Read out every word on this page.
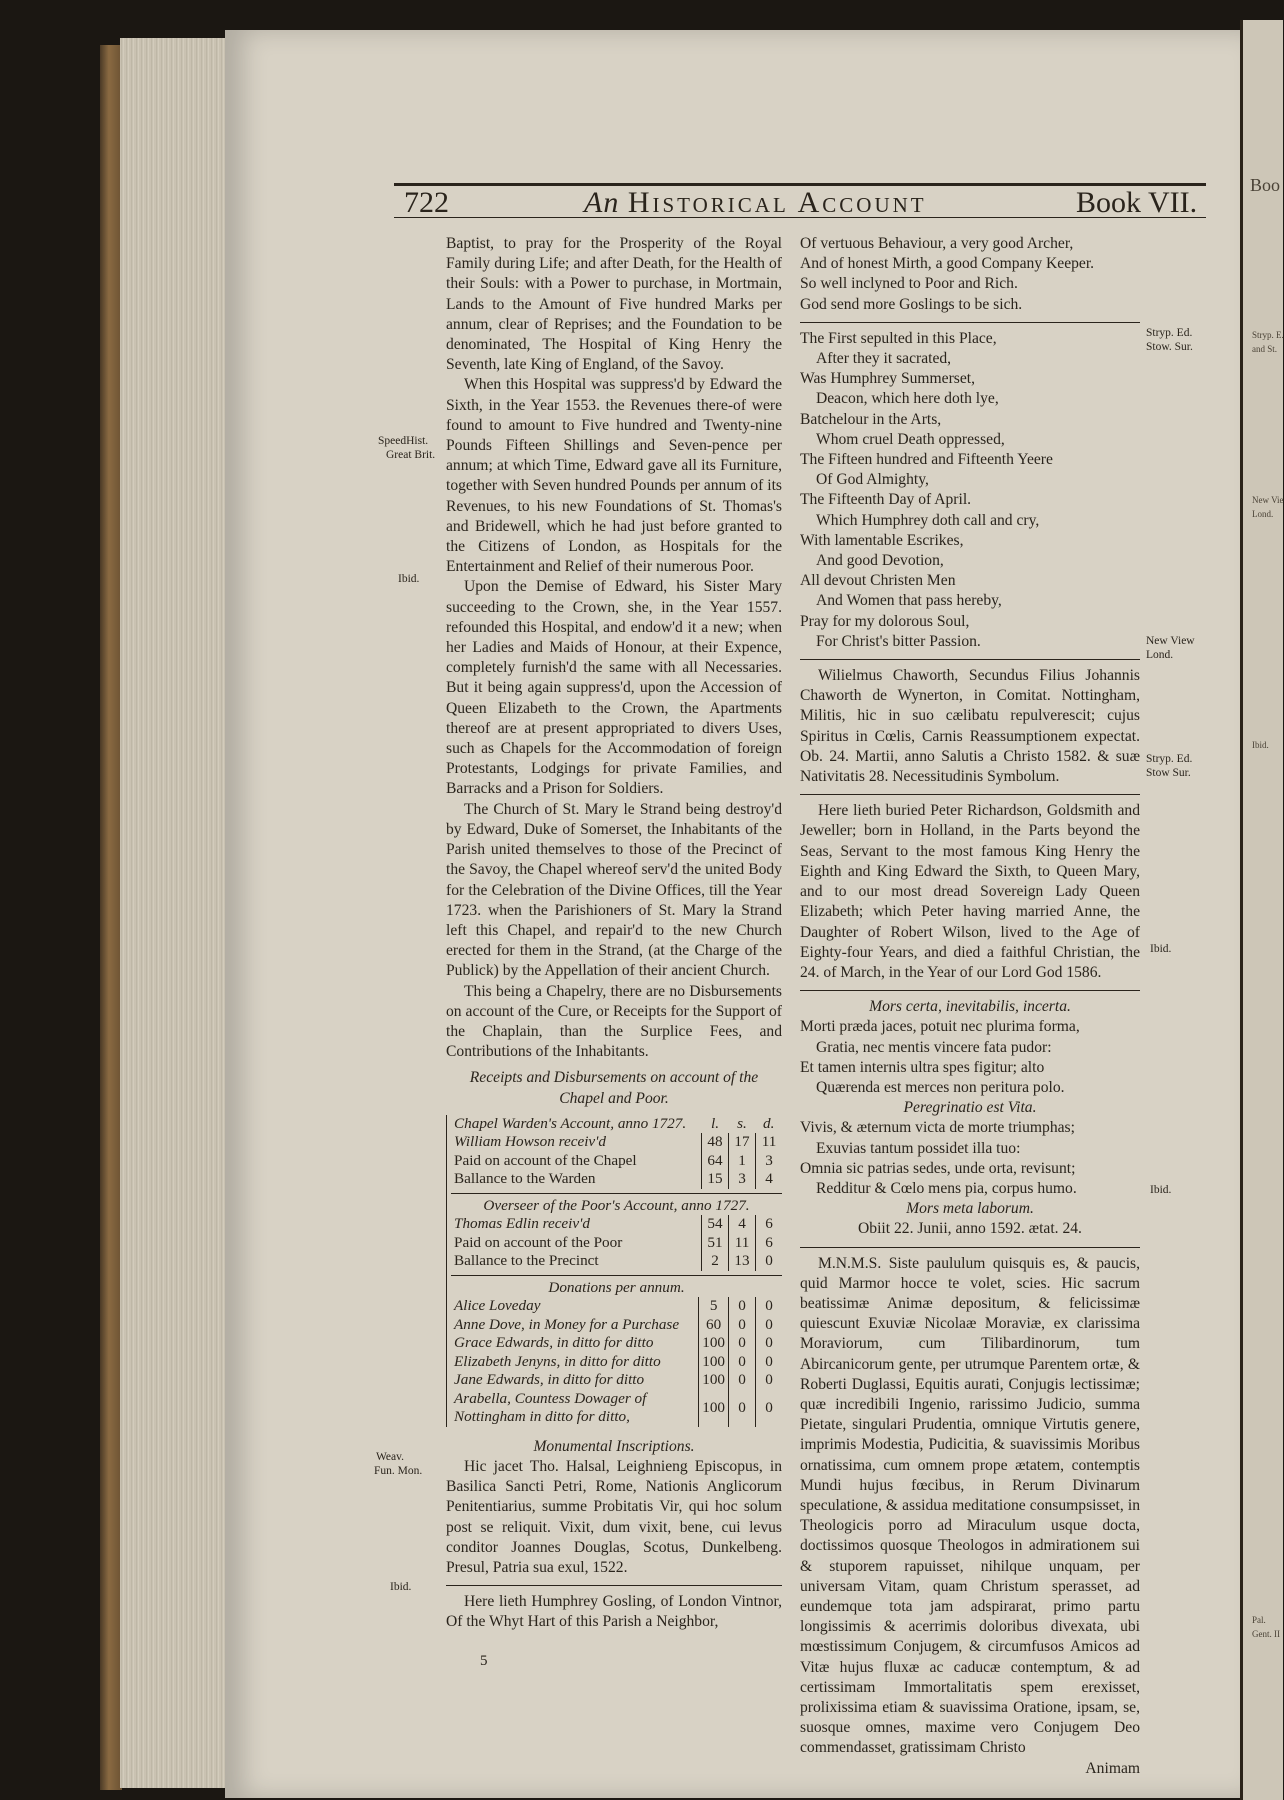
Boo
Stryp. E.
and St.
New Vie
Lond.
Ibid.
Pal.
Gent. II
722	An Historical Account	Book VII.
SpeedHist.
Great Brit.
Ibid.
Weav.
Fun. Mon.
Ibid.
Stryp. Ed.
Stow. Sur.
New View
Lond.
Stryp. Ed.
Stow Sur.
Ibid.
Ibid.

Baptist, to pray for the Prosperity of the Royal Family during Life; and after Death, for the Health of their Souls: with a Power to purchase, in Mortmain, Lands to the Amount of Five hundred Marks per annum, clear of Reprises; and the Foundation to be denominated, The Hospital of King Henry the Seventh, late King of England, of the Savoy.

When this Hospital was suppress'd by Edward the Sixth, in the Year 1553. the Revenues there-of were found to amount to Five hundred and Twenty-nine Pounds Fifteen Shillings and Seven-pence per annum; at which Time, Edward gave all its Furniture, together with Seven hundred Pounds per annum of its Revenues, to his new Foundations of St. Thomas's and Bridewell, which he had just before granted to the Citizens of London, as Hospitals for the Entertainment and Relief of their numerous Poor.

Upon the Demise of Edward, his Sister Mary succeeding to the Crown, she, in the Year 1557. refounded this Hospital, and endow'd it a new; when her Ladies and Maids of Honour, at their Expence, completely furnish'd the same with all Necessaries. But it being again suppress'd, upon the Accession of Queen Elizabeth to the Crown, the Apartments thereof are at present appropriated to divers Uses, such as Chapels for the Accommodation of foreign Protestants, Lodgings for private Families, and Barracks and a Prison for Soldiers.

The Church of St. Mary le Strand being destroy'd by Edward, Duke of Somerset, the Inhabitants of the Parish united themselves to those of the Precinct of the Savoy, the Chapel whereof serv'd the united Body for the Celebration of the Divine Offices, till the Year 1723. when the Parishioners of St. Mary la Strand left this Chapel, and repair'd to the new Church erected for them in the Strand, (at the Charge of the Publick) by the Appellation of their ancient Church.

This being a Chapelry, there are no Disbursements on account of the Cure, or Receipts for the Support of the Chaplain, than the Surplice Fees, and Contributions of the Inhabitants.

Receipts and Disbursements on account of the Chapel and Poor.

Chapel Warden's Account, anno 1727.	l.	s.	d.
William Howson receiv'd	48	17	11
Paid on account of the Chapel	64	1	3
Ballance to the Warden	15	3	4
Overseer of the Poor's Account, anno 1727.			
Thomas Edlin receiv'd	54	4	6
Paid on account of the Poor	51	11	6
Ballance to the Precinct	2	13	0
Donations per annum.			
Alice Loveday	5	0	0
Anne Dove, in Money for a Purchase	60	0	0
Grace Edwards, in ditto for ditto	100	0	0
Elizabeth Jenyns, in ditto for ditto	100	0	0
Jane Edwards, in ditto for ditto	100	0	0
Arabella, Countess Dowager of Nottingham in ditto for ditto,	100	0	0

Monumental Inscriptions.

Hic jacet Tho. Halsal, Leighnieng Episcopus, in Basilica Sancti Petri, Rome, Nationis Anglicorum Penitentiarius, summe Probitatis Vir, qui hoc solum post se reliquit. Vixit, dum vixit, bene, cui levus conditor Joannes Douglas, Scotus, Dunkelbeng. Presul, Patria sua exul, 1522.

Here lieth Humphrey Gosling, of London Vintnor, Of the Whyt Hart of this Parish a Neighbor,

5

Of vertuous Behaviour, a very good Archer,

And of honest Mirth, a good Company Keeper.

So well inclyned to Poor and Rich.

God send more Goslings to be sich.

The First sepulted in this Place,

After they it sacrated,

Was Humphrey Summerset,

Deacon, which here doth lye,

Batchelour in the Arts,

Whom cruel Death oppressed,

The Fifteen hundred and Fifteenth Yeere

Of God Almighty,

The Fifteenth Day of April.

Which Humphrey doth call and cry,

With lamentable Escrikes,

And good Devotion,

All devout Christen Men

And Women that pass hereby,

Pray for my dolorous Soul,

For Christ's bitter Passion.

Wilielmus Chaworth, Secundus Filius Johannis Chaworth de Wynerton, in Comitat. Nottingham, Militis, hic in suo cælibatu repulverescit; cujus Spiritus in Cœlis, Carnis Reassumptionem expectat. Ob. 24. Martii, anno Salutis a Christo 1582. & suæ Nativitatis 28. Necessitudinis Symbolum.

Here lieth buried Peter Richardson, Goldsmith and Jeweller; born in Holland, in the Parts beyond the Seas, Servant to the most famous King Henry the Eighth and King Edward the Sixth, to Queen Mary, and to our most dread Sovereign Lady Queen Elizabeth; which Peter having married Anne, the Daughter of Robert Wilson, lived to the Age of Eighty-four Years, and died a faithful Christian, the 24. of March, in the Year of our Lord God 1586.

Mors certa, inevitabilis, incerta.

Morti præda jaces, potuit nec plurima forma,

Gratia, nec mentis vincere fata pudor:

Et tamen internis ultra spes figitur; alto

Quærenda est merces non peritura polo.

Peregrinatio est Vita.

Vivis, & æternum victa de morte triumphas;

Exuvias tantum possidet illa tuo:

Omnia sic patrias sedes, unde orta, revisunt;

Redditur & Cœlo mens pia, corpus humo.

Mors meta laborum.

Obiit 22. Junii, anno 1592. ætat. 24.

M.N.M.S. Siste paululum quisquis es, & paucis, quid Marmor hocce te volet, scies. Hic sacrum beatissimæ Animæ depositum, & felicissimæ quiescunt Exuviæ Nicolaæ Moraviæ, ex clarissima Moraviorum, cum Tilibardinorum, tum Abircanicorum gente, per utrumque Parentem ortæ, & Roberti Duglassi, Equitis aurati, Conjugis lectissimæ; quæ incredibili Ingenio, rarissimo Judicio, summa Pietate, singulari Prudentia, omnique Virtutis genere, imprimis Modestia, Pudicitia, & suavissimis Moribus ornatissima, cum omnem prope ætatem, contemptis Mundi hujus fœcibus, in Rerum Divinarum speculatione, & assidua meditatione consumpsisset, in Theologicis porro ad Miraculum usque docta, doctissimos quosque Theologos in admirationem sui & stuporem rapuisset, nihilque unquam, per universam Vitam, quam Christum sperasset, ad eundemque tota jam adspirarat, primo partu longissimis & acerrimis doloribus divexata, ubi mœstissimum Conjugem, & circumfusos Amicos ad Vitæ hujus fluxæ ac caducæ contemptum, & ad certissimam Immortalitatis spem erexisset, prolixissima etiam & suavissima Oratione, ipsam, se, suosque omnes, maxime vero Conjugem Deo commendasset, gratissimam Christo

Animam
